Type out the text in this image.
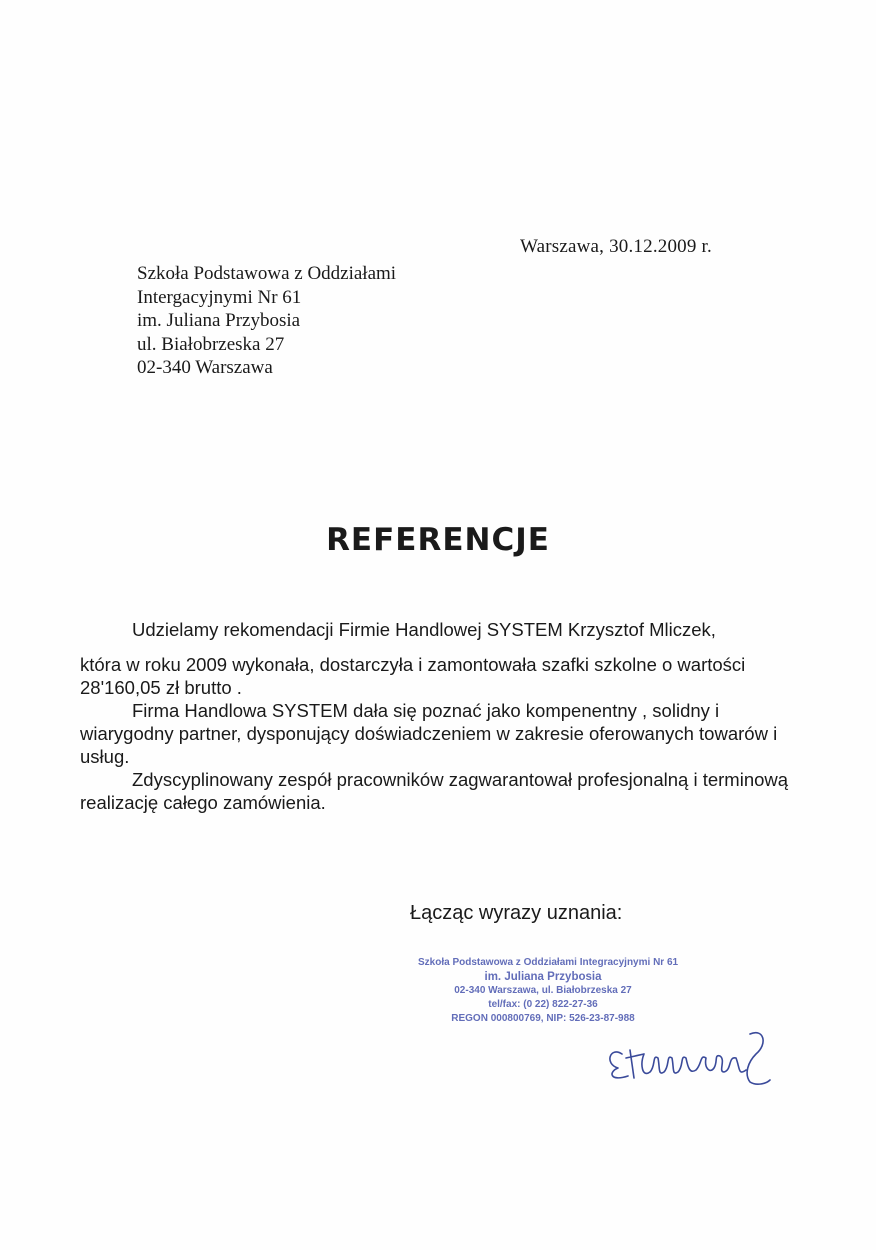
Warszawa, 30.12.2009 r.
Szkoła Podstawowa z Oddziałami
Intergacyjnymi Nr 61
im. Juliana Przybosia
ul. Białobrzeska 27
02-340 Warszawa
REFERENCJE

Udzielamy rekomendacji Firmie Handlowej SYSTEM Krzysztof Mliczek,

która w roku 2009 wykonała, dostarczyła i zamontowała szafki szkolne o wartości 28'160,05 zł brutto .

Firma Handlowa SYSTEM dała się poznać jako kompenentny , solidny i wiarygodny partner, dysponujący doświadczeniem w zakresie oferowanych towarów i usług.

Zdyscyplinowany zespół pracowników zagwarantował profesjonalną i terminową realizację całego zamówienia.

Łącząc wyrazy uznania:
Szkoła Podstawowa z Oddziałami Integracyjnymi Nr 61
im. Juliana Przybosia
02-340 Warszawa, ul. Białobrzeska 27
tel/fax: (0 22) 822-27-36
REGON 000800769, NIP: 526-23-87-988
